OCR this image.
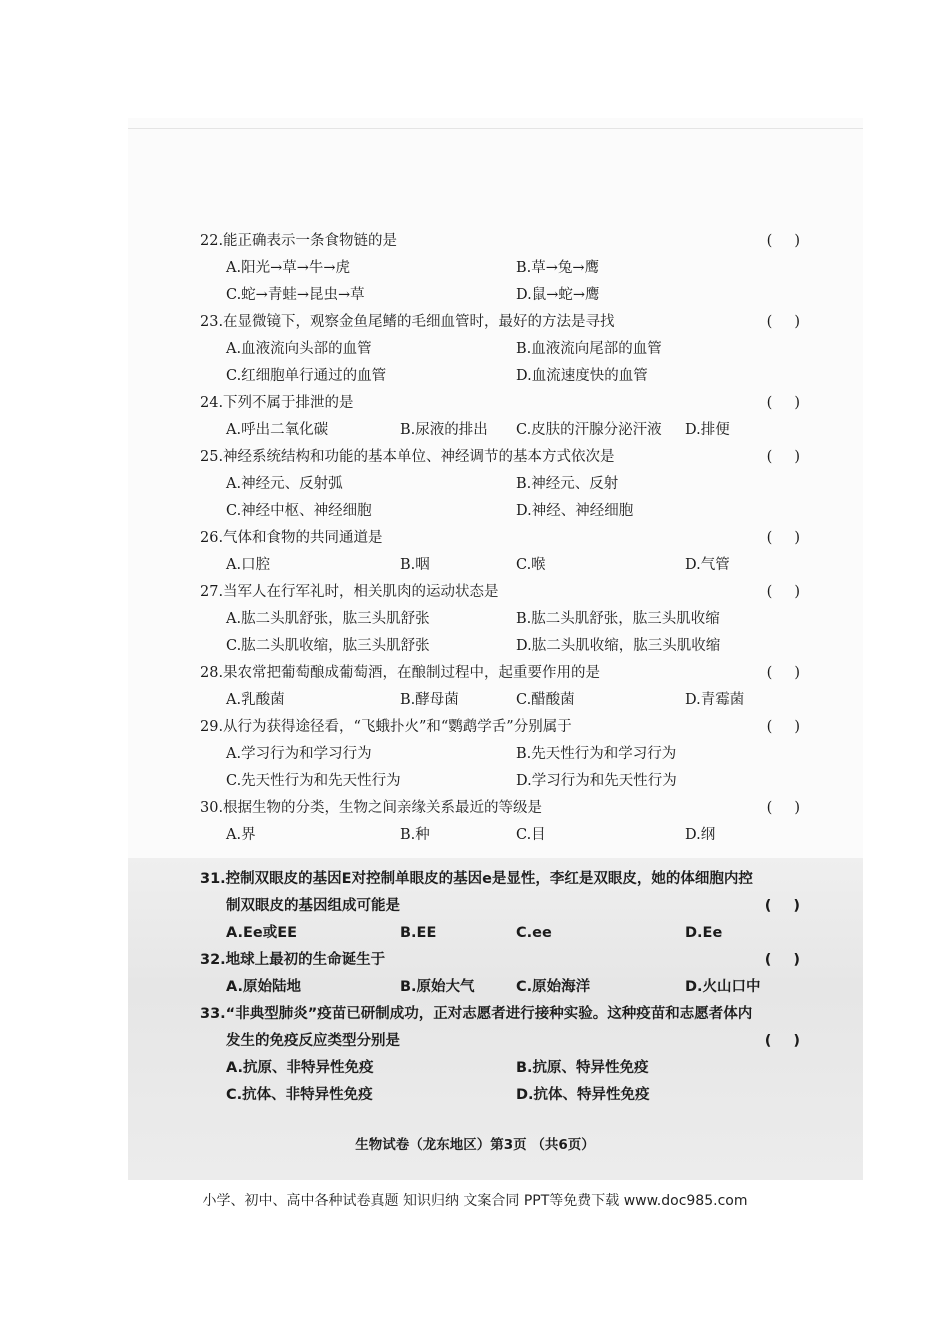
22.能正确表示一条食物链的是	( )
A.阳光→草→牛→虎	B.草→兔→鹰
C.蛇→青蛙→昆虫→草	D.鼠→蛇→鹰
23.在显微镜下，观察金鱼尾鳍的毛细血管时，最好的方法是寻找	( )
A.血液流向头部的血管	B.血液流向尾部的血管
C.红细胞单行通过的血管	D.血流速度快的血管
24.下列不属于排泄的是	( )
A.呼出二氧化碳	B.尿液的排出 C.皮肤的汗腺分泌汗液 D.排便
25.神经系统结构和功能的基本单位、神经调节的基本方式依次是	( )
A.神经元、反射弧	B.神经元、反射
C.神经中枢、神经细胞	D.神经、神经细胞
26.气体和食物的共同通道是	( )
A.口腔	B.咽	C.喉	D.气管
27.当军人在行军礼时，相关肌肉的运动状态是	( )
A.肱二头肌舒张，肱三头肌舒张	B.肱二头肌舒张，肱三头肌收缩
C.肱二头肌收缩，肱三头肌舒张	D.肱二头肌收缩，肱三头肌收缩
28.果农常把葡萄酿成葡萄酒，在酿制过程中，起重要作用的是	( )
A.乳酸菌	B.酵母菌	C.醋酸菌	D.青霉菌
29.从行为获得途径看，“飞蛾扑火”和“鹦鹉学舌”分别属于	( )
A.学习行为和学习行为	B.先天性行为和学习行为
C.先天性行为和先天性行为	D.学习行为和先天性行为
30.根据生物的分类，生物之间亲缘关系最近的等级是	( )
A.界	B.种	C.目	D.纲
31.控制双眼皮的基因E对控制单眼皮的基因e是显性，李红是双眼皮，她的体细胞内控
制双眼皮的基因组成可能是	( )
A.Ee或EE	B.EE	C.ee	D.Ee
32.地球上最初的生命诞生于	( )
A.原始陆地	B.原始大气	C.原始海洋	D.火山口中
33.“非典型肺炎”疫苗已研制成功，正对志愿者进行接种实验。这种疫苗和志愿者体内
发生的免疫反应类型分别是	( )
A.抗原、非特异性免疫	B.抗原、特异性免疫
C.抗体、非特异性免疫	D.抗体、特异性免疫
生物试卷（龙东地区）第3页 （共6页）
小学、初中、高中各种试卷真题 知识归纳 文案合同 PPT等免费下载 www.doc985.com
